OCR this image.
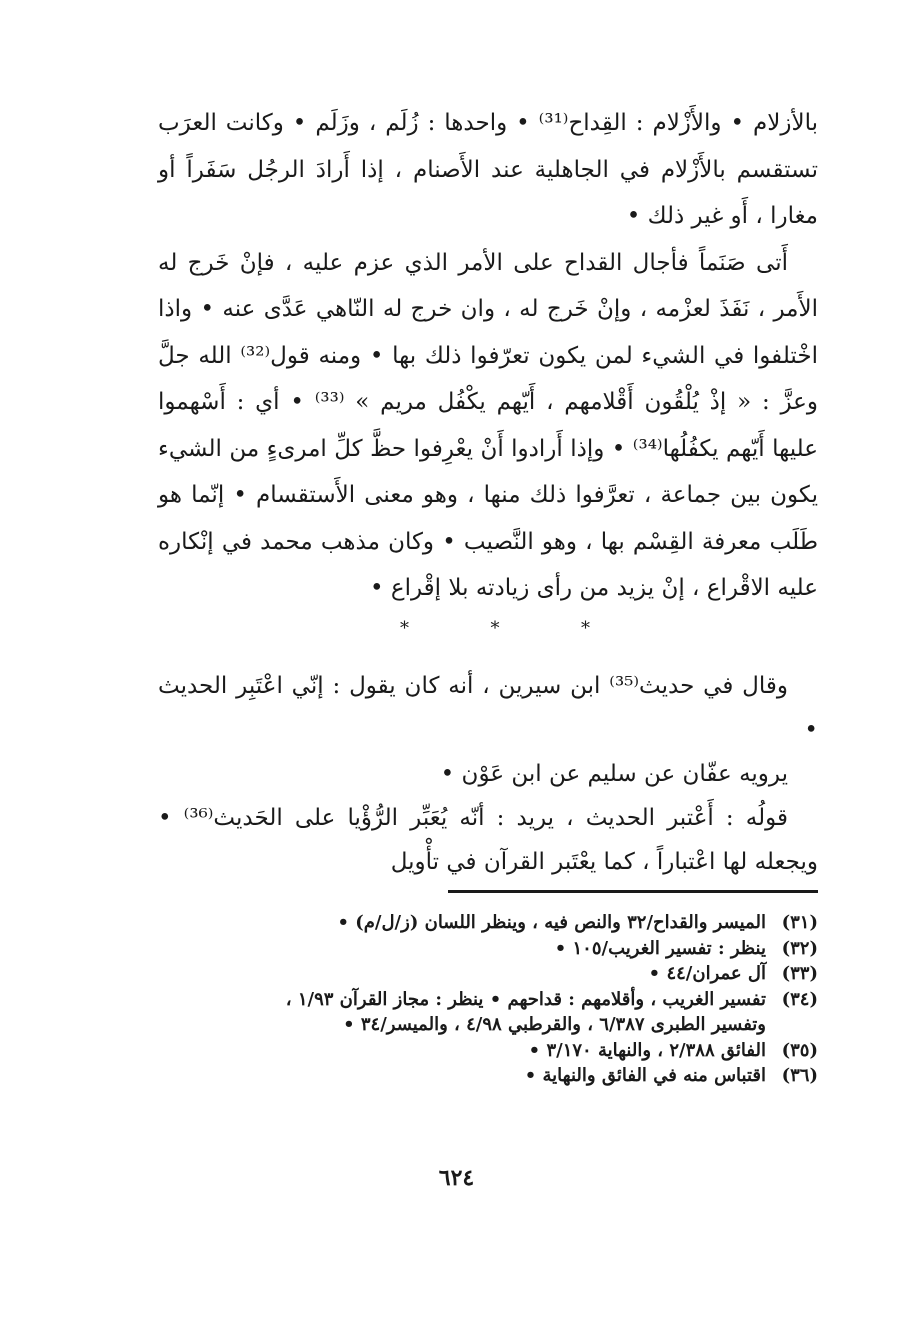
بالأزلام • والأَزْلام : القِداح⁽³¹⁾ • واحدها : زُلَم ، وزَلَم • وكانت العرَب تستقسم بالأَزْلام في الجاهلية عند الأَصنام ، إذا أَرادَ الرجُل سَفَراً أو مغارا ، أَو غير ذلك •

أَتى صَنَماً فأجال القداح على الأمر الذي عزم عليه ، فإنْ خَرج له الأَمر ، نَفَذَ لعزْمه ، وإنْ خَرج له ، وان خرج له النّاهي عَدَّى عنه • واذا اخْتلفوا في الشيء لمن يكون تعرّفوا ذلك بها • ومنه قول⁽³²⁾ الله جلَّ وعزَّ : « إذْ يُلْقُون أَقْلامهم ، أَيّهم يكْفُل مريم » ⁽³³⁾ • أي : أَسْهموا عليها أَيّهم يكفُلُها⁽³⁴⁾ • وإذا أَرادوا أَنْ يعْرِفوا حظَّ كلِّ امرىءٍ من الشيء يكون بين جماعة ، تعرَّفوا ذلك منها ، وهو معنى الأَستقسام • إنّما هو طَلَب معرفة القِسْم بها ، وهو النَّصيب • وكان مذهب محمد في إنْكاره عليه الاقْراع ، إنْ يزيد من رأى زيادته بلا إقْراع •

*	*	*

وقال في حديث⁽³⁵⁾ ابن سيرين ، أنه كان يقول : إنّي اعْتَبِر الحديث •

يرويه عفّان عن سليم عن ابن عَوْن •

قولُه : أَعْتبر الحديث ، يريد : أنّه يُعَبِّر الرُّؤْيا على الحَديث⁽³⁶⁾ • ويجعله لها اعْتباراً ، كما يعْتَبر القرآن في تأْويل

(٣١)
الميسر والقداح/٣٢ والنص فيه ، وينظر اللسان (ز/ل/م) •
(٣٢)
ينظر : تفسير الغريب/١٠٥ •
(٣٣)
آل عمران/٤٤ •
(٣٤)
تفسير الغريب ، وأقلامهم : قداحهم • ينظر : مجاز القرآن ١/٩٣ ،
وتفسير الطبرى ٦/٣٨٧ ، والقرطبي ٤/٩٨ ، والميسر/٣٤ •
(٣٥)
الفائق ٢/٣٨٨ ، والنهاية ٣/١٧٠ •
(٣٦)
اقتباس منه في الفائق والنهاية •
٦٢٤
